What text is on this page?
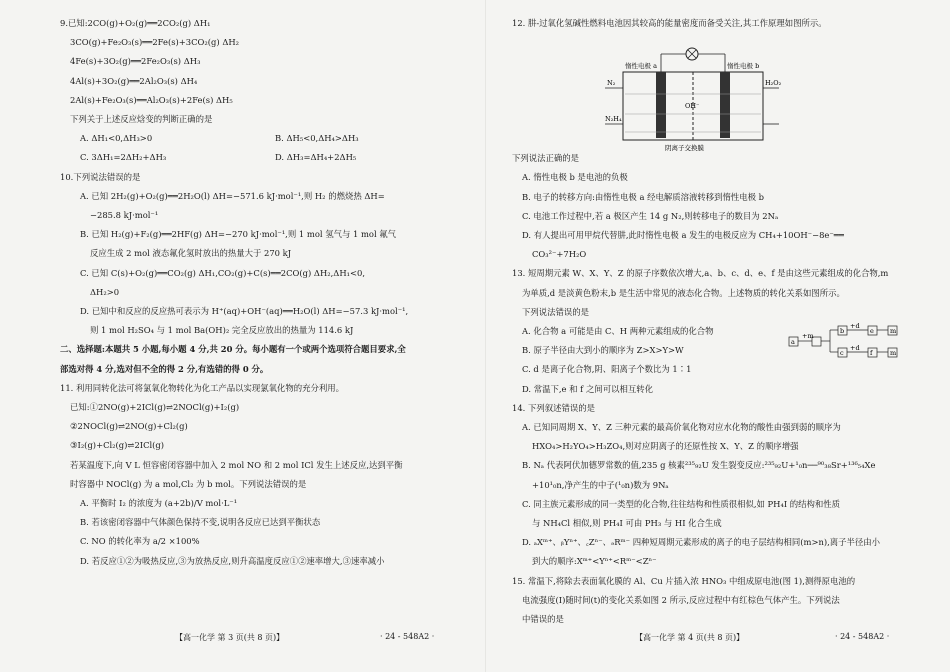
9.已知:2CO(g)+O₂(g)══2CO₂(g) ΔH₁
3CO(g)+Fe₂O₃(s)══2Fe(s)+3CO₂(g) ΔH₂
4Fe(s)+3O₂(g)══2Fe₂O₃(s) ΔH₃
4Al(s)+3O₂(g)══2Al₂O₃(s) ΔH₄
2Al(s)+Fe₂O₃(s)══Al₂O₃(s)+2Fe(s) ΔH₅
下列关于上述反应焓变的判断正确的是
A. ΔH₁<0,ΔH₃>0	B. ΔH₅<0,ΔH₄>ΔH₃
C. 3ΔH₁=2ΔH₂+ΔH₃	D. ΔH₃=ΔH₄+2ΔH₅
10.下列说法错误的是
A. 已知 2H₂(g)+O₂(g)══2H₂O(l) ΔH=−571.6 kJ·mol⁻¹,则 H₂ 的燃烧热 ΔH=
−285.8 kJ·mol⁻¹
B. 已知 H₂(g)+F₂(g)══2HF(g) ΔH=−270 kJ·mol⁻¹,则 1 mol 氢气与 1 mol 氟气
反应生成 2 mol 液态氟化氢时放出的热量大于 270 kJ
C. 已知 C(s)+O₂(g)══CO₂(g) ΔH₁,CO₂(g)+C(s)══2CO(g) ΔH₂,ΔH₁<0,
ΔH₂>0
D. 已知中和反应的反应热可表示为 H⁺(aq)+OH⁻(aq)══H₂O(l) ΔH=−57.3 kJ·mol⁻¹,
则 1 mol H₂SO₄ 与 1 mol Ba(OH)₂ 完全反应放出的热量为 114.6 kJ
二、选择题:本题共 5 小题,每小题 4 分,共 20 分。每小题有一个或两个选项符合题目要求,全
部选对得 4 分,选对但不全的得 2 分,有选错的得 0 分。
11. 利用同转化法可将氯氧化物转化为化工产品以实现氯氧化物的充分利用。
已知:①2NO(g)+2ICl(g)⇌2NOCl(g)+I₂(g)
②2NOCl(g)⇌2NO(g)+Cl₂(g)
③I₂(g)+Cl₂(g)⇌2ICl(g)
若某温度下,向 V L 恒容密闭容器中加入 2 mol NO 和 2 mol ICl 发生上述反应,达到平衡
时容器中 NOCl(g) 为 a mol,Cl₂ 为 b mol。下列说法错误的是
A. 平衡时 I₂ 的浓度为 (a+2b)/V mol·L⁻¹
B. 若该密闭容器中气体颜色保持不变,说明各反应已达到平衡状态
C. NO 的转化率为 a/2 ×100%
D. 若反应①②为吸热反应,③为放热反应,则升高温度反应①②速率增大,③速率减小
【高一化学 第 3 页(共 8 页)】	· 24 - 548A2 ·
12. 肼-过氧化氢碱性燃料电池因其较高的能量密度而备受关注,其工作原理如图所示。
下列说法正确的是
A. 惰性电极 b 是电池的负极
B. 电子的转移方向:由惰性电极 a 经电解质溶液转移到惰性电极 b
C. 电池工作过程中,若 a 极区产生 14 g N₂,则转移电子的数目为 2Nₐ
D. 有人提出可用甲烷代替肼,此时惰性电极 a 发生的电极反应为 CH₄+10OH⁻−8e⁻══
CO₃²⁻+7H₂O
13. 短周期元素 W、X、Y、Z 的原子序数依次增大,a、b、c、d、e、f 是由这些元素组成的化合物,m
为单质,d 是淡黄色粉末,b 是生活中常见的液态化合物。上述物质的转化关系如图所示。
下列说法错误的是
A. 化合物 a 可能是由 C、H 两种元素组成的化合物
B. 原子半径由大到小的顺序为 Z>X>Y>W
C. d 是离子化合物,阴、阳离子个数比为 1∶1
D. 常温下,e 和 f 之间可以相互转化
14. 下列叙述错误的是
A. 已知同周期 X、Y、Z 三种元素的最高价氧化物对应水化物的酸性由强到弱的顺序为
HXO₄>H₂YO₄>H₃ZO₄,则对应阴离子的还原性按 X、Y、Z 的顺序增强
B. Nₐ 代表阿伏加德罗常数的值,235 g 核素²³⁵₉₂U 发生裂变反应:²³⁵₉₂U+¹₀n──⁹⁰₃₈Sr+¹³⁶₅₄Xe
+10¹₀n,净产生的中子(¹₀n)数为 9Nₐ
C. 同主族元素形成的同一类型的化合物,往往结构和性质很相似,如 PH₄I 的结构和性质
与 NH₄Cl 相似,则 PH₄I 可由 PH₃ 与 HI 化合生成
D. ₐXᵐ⁺、ᵦYⁿ⁺、꜀Zⁿ⁻、ₔRᵐ⁻ 四种短周期元素形成的离子的电子层结构相同(m>n),离子半径由小
到大的顺序:Xᵐ⁺<Yⁿ⁺<Rᵐ⁻<Zⁿ⁻
15. 常温下,将除去表面氧化膜的 Al、Cu 片插入浓 HNO₃ 中组成原电池(图 1),测得原电池的
电流强度(I)随时间(t)的变化关系如图 2 所示,反应过程中有红棕色气体产生。下列说法
中错误的是
惰性电极 a	惰性电极 b
N₂
N₂H₄
H₂O₂
OH⁻
阴离子交换膜
a
+m
b
c
+d
+d
e
f
m
m
【高一化学 第 4 页(共 8 页)】	· 24 - 548A2 ·
